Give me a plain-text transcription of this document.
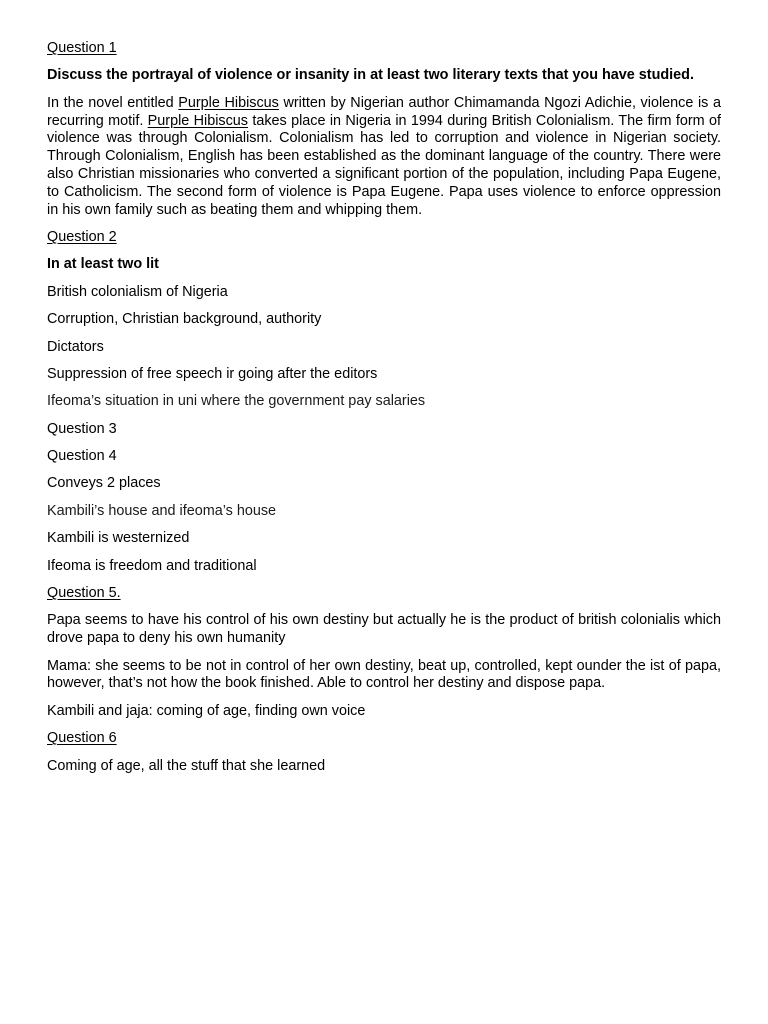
Question 1

Discuss the portrayal of violence or insanity in at least two literary texts that you have studied.

In the novel entitled Purple Hibiscus written by Nigerian author Chimamanda Ngozi Adichie, violence is a recurring motif. Purple Hibiscus takes place in Nigeria in 1994 during British Colonialism. The firm form of violence was through Colonialism. Colonialism has led to corruption and violence in Nigerian society. Through Colonialism, English has been established as the dominant language of the country. There were also Christian missionaries who converted a significant portion of the population, including Papa Eugene, to Catholicism. The second form of violence is Papa Eugene. Papa uses violence to enforce oppression in his own family such as beating them and whipping them.

Question 2

In at least two lit

British colonialism of Nigeria

Corruption, Christian background, authority

Dictators

Suppression of free speech ir going after the editors

Ifeoma’s situation in uni where the government pay salaries

Question 3

Question 4

Conveys 2 places

Kambili’s house and ifeoma’s house

Kambili is westernized

Ifeoma is freedom and traditional

Question 5.

Papa seems to have his control of his own destiny but actually he is the product of british colonialis which drove papa to deny his own humanity

Mama: she seems to be not in control of her own destiny, beat up, controlled, kept ounder the ist of papa, however, that’s not how the book finished. Able to control her destiny and dispose papa.

Kambili and jaja: coming of age, finding own voice

Question 6

Coming of age, all the stuff that she learned
